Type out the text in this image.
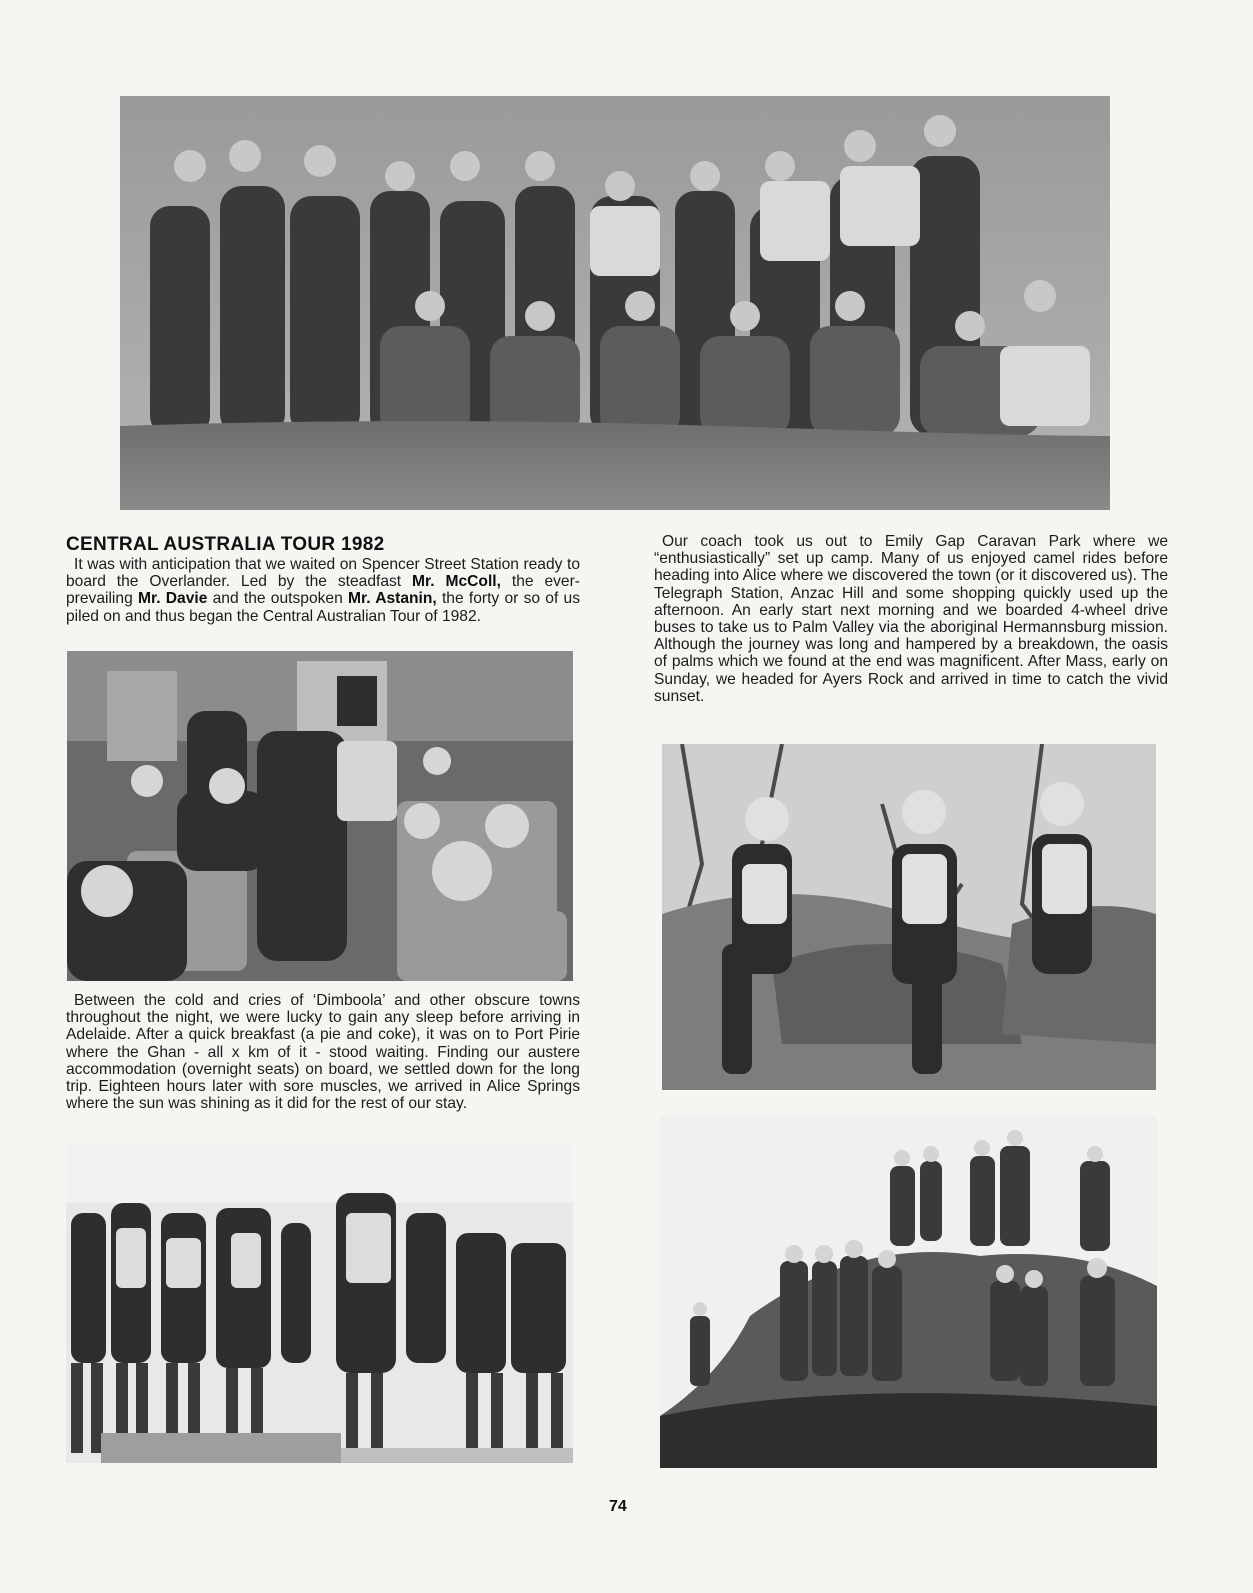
CENTRAL AUSTRALIA TOUR 1982

It was with anticipation that we waited on Spencer Street Station ready to board the Overlander. Led by the steadfast Mr. McColl, the ever-prevailing Mr. Davie and the outspoken Mr. Astanin, the forty or so of us piled on and thus began the Central Australian Tour of 1982.

Between the cold and cries of ‘Dimboola’ and other obscure towns throughout the night, we were lucky to gain any sleep before arriving in Adelaide. After a quick breakfast (a pie and coke), it was on to Port Pirie where the Ghan - all x km of it - stood waiting. Finding our austere accommodation (overnight seats) on board, we settled down for the long trip. Eighteen hours later with sore muscles, we arrived in Alice Springs where the sun was shining as it did for the rest of our stay.

Our coach took us out to Emily Gap Caravan Park where we “enthusiastically” set up camp. Many of us enjoyed camel rides before heading into Alice where we discovered the town (or it discovered us). The Telegraph Station, Anzac Hill and some shopping quickly used up the afternoon. An early start next morning and we boarded 4-wheel drive buses to take us to Palm Valley via the aboriginal Hermannsburg mission. Although the journey was long and hampered by a breakdown, the oasis of palms which we found at the end was magnificent. After Mass, early on Sunday, we headed for Ayers Rock and arrived in time to catch the vivid sunset.

74
